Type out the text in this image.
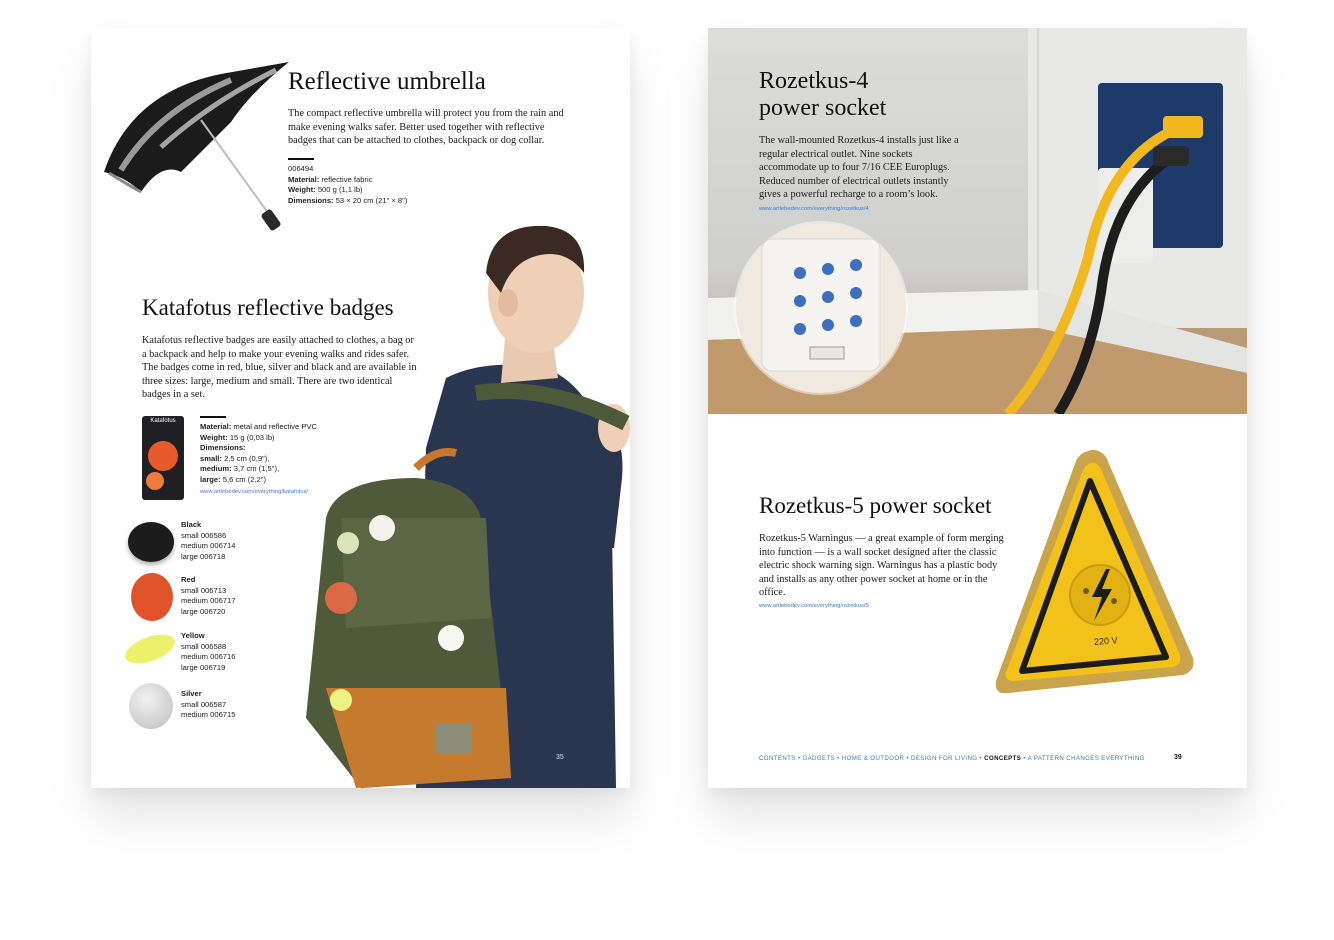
Reflective umbrella

The compact reflective umbrella will protect you from the rain and make evening walks safer. Better used together with reflective badges that can be attached to clothes, backpack or dog collar.

006494
Material: reflective fabric
Weight: 500 g (1,1 lb)
Dimensions: 53 × 20 cm (21" × 8")
Katafotus reflective badges

Katafotus reflective badges are easily attached to clothes, a bag or a backpack and help to make your evening walks and rides safer. The badges come in red, blue, silver and black and are available in three sizes: large, medium and small. There are two identical badges in a set.

Katafotus
Material: metal and reflective PVC
Weight: 15 g (0,03 lb)
Dimensions:
small: 2,5 cm (0,9"),
medium: 3,7 cm (1,5"),
large: 5,6 cm (2,2")
www.artlebedev.com/everything/katafotus/
Black
small 006586
medium 006714
large 006718
Red
small 006713
medium 006717
large 006720
Yellow
small 006588
medium 006716
large 006719
Silver
small 006587
medium 006715
35
Rozetkus-4
power socket

The wall-mounted Rozetkus-4 installs just like a regular electrical outlet. Nine sockets accommodate up to four 7/16 CEE Europlugs. Reduced number of electrical outlets instantly gives a powerful recharge to a room’s look.

www.artlebedev.com/everything/rozetkus/4
Rozetkus-5 power socket

Rozetkus-5 Warningus — a great example of form merging into function — is a wall socket designed after the classic electric shock warning sign. Warningus has a plastic body and installs as any other power socket at home or in the office.

www.artlebedev.com/everything/rozetkus/5
220 V
CONTENTS • GADGETS • HOME & OUTDOOR • DESIGN FOR LIVING • CONCEPTS • A PATTERN CHANGES EVERYTHING	39
